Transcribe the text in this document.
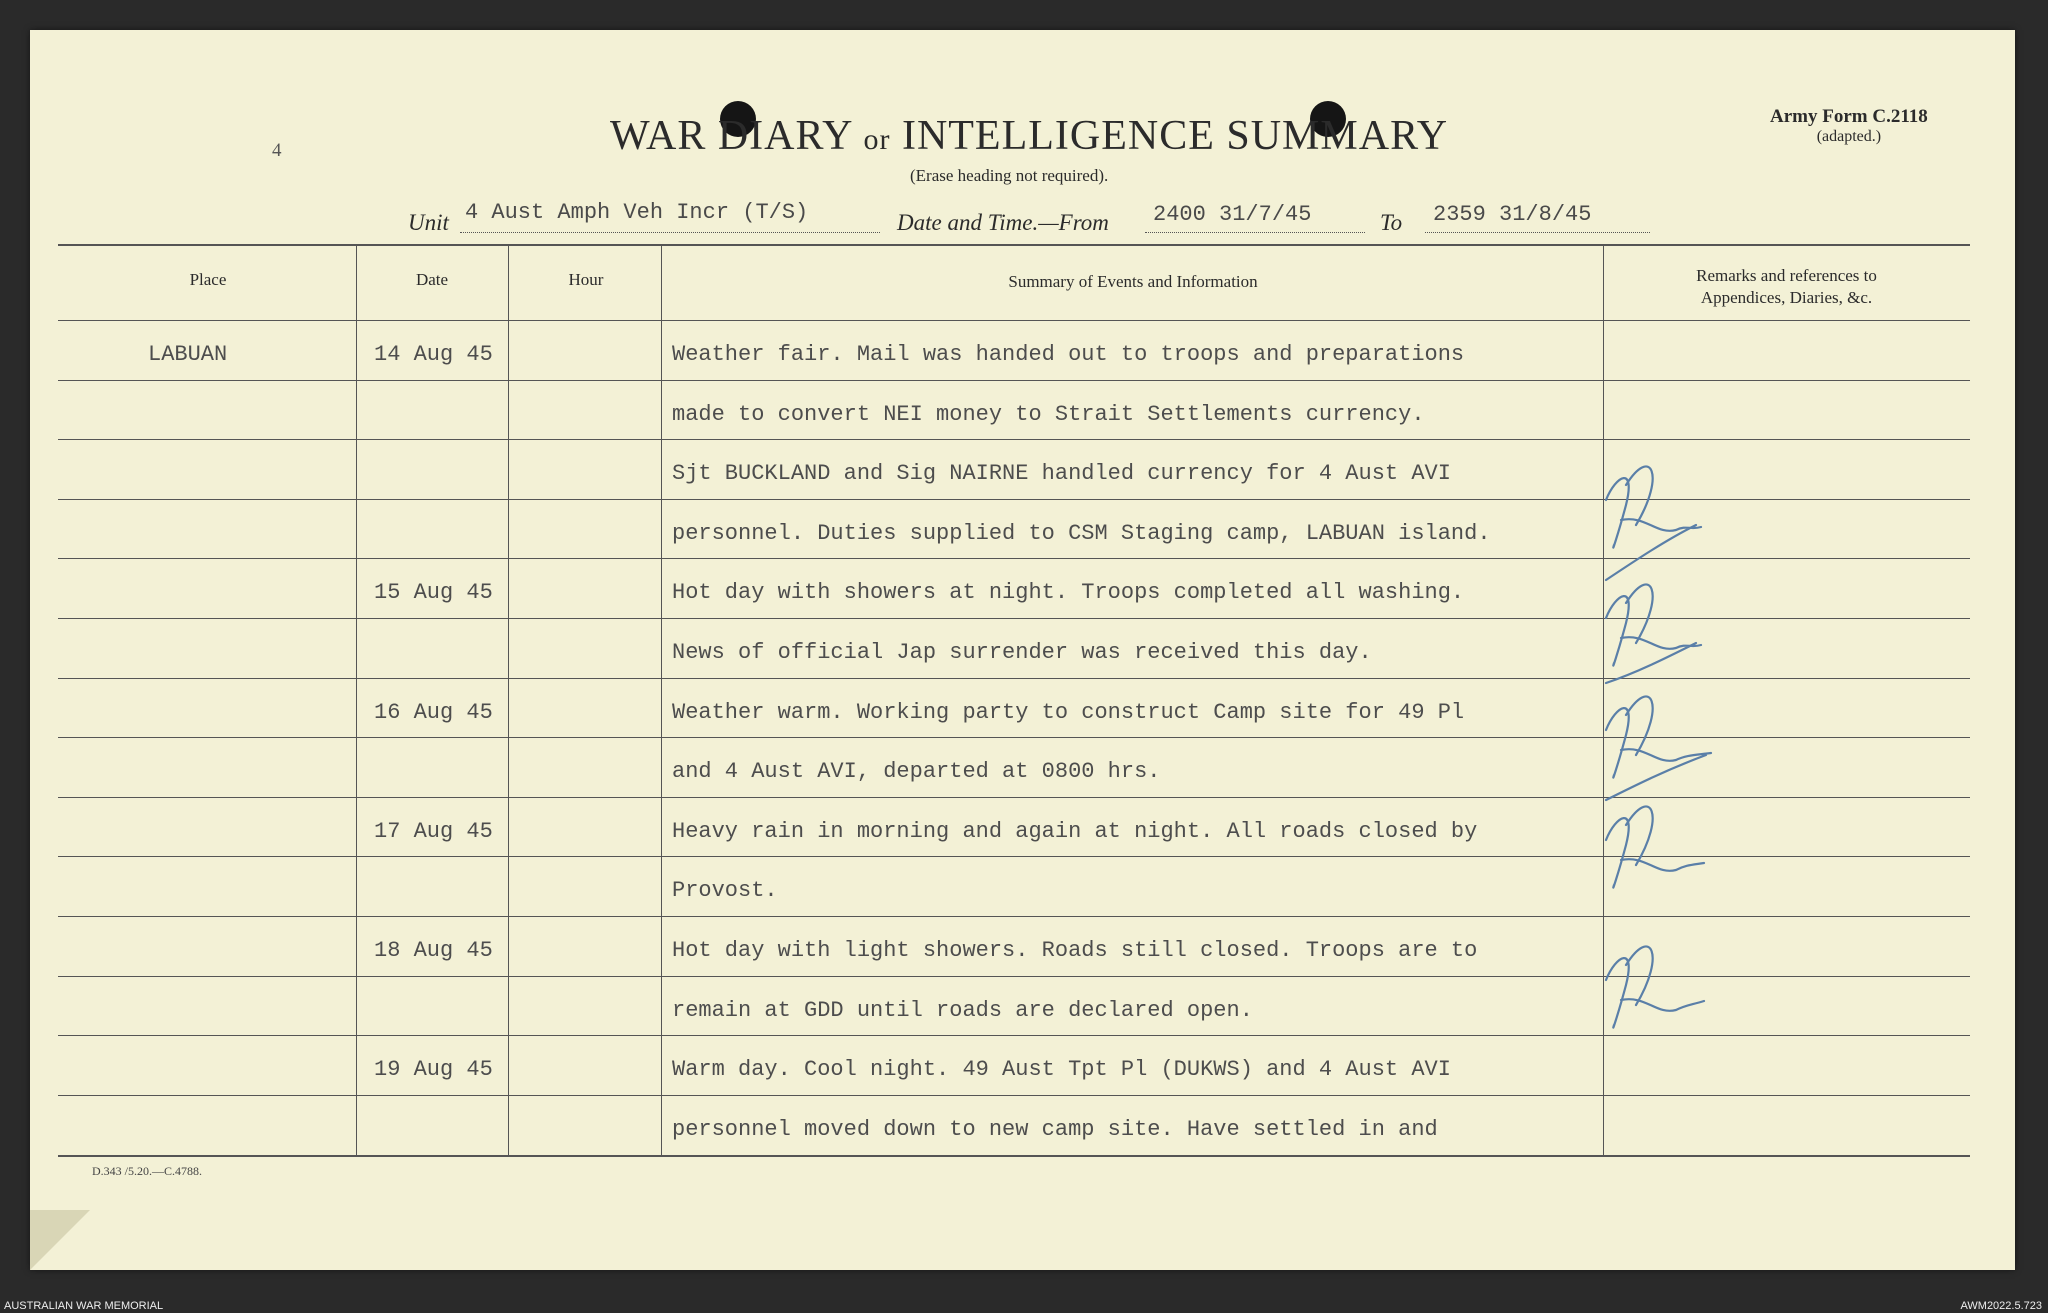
4	WAR DIARY or INTELLIGENCE SUMMARY
(Erase heading not required).
Army Form C.2118
(adapted.)
Unit 4 Aust Amph Veh Incr (T/S)	Date and Time.—From 2400 31/7/45	To 2359 31/8/45
Place	Date	Hour	Summary of Events and Information	Remarks and references to
Appendices, Diaries, &c.
LABUAN	14 Aug 45	Weather fair. Mail was handed out to troops and preparations
made to convert NEI money to Strait Settlements currency.
Sjt BUCKLAND and Sig NAIRNE handled currency for 4 Aust AVI
personnel. Duties supplied to CSM Staging camp, LABUAN island.
15 Aug 45	Hot day with showers at night. Troops completed all washing.
News of official Jap surrender was received this day.
16 Aug 45	Weather warm. Working party to construct Camp site for 49 Pl
and 4 Aust AVI, departed at 0800 hrs.
17 Aug 45	Heavy rain in morning and again at night. All roads closed by
Provost.
18 Aug 45	Hot day with light showers. Roads still closed. Troops are to
remain at GDD until roads are declared open.
19 Aug 45	Warm day. Cool night. 49 Aust Tpt Pl (DUKWS) and 4 Aust AVI
personnel moved down to new camp site. Have settled in and
D.343 /5.20.—C.4788.
AUSTRALIAN WAR MEMORIAL	AWM2022.5.723
